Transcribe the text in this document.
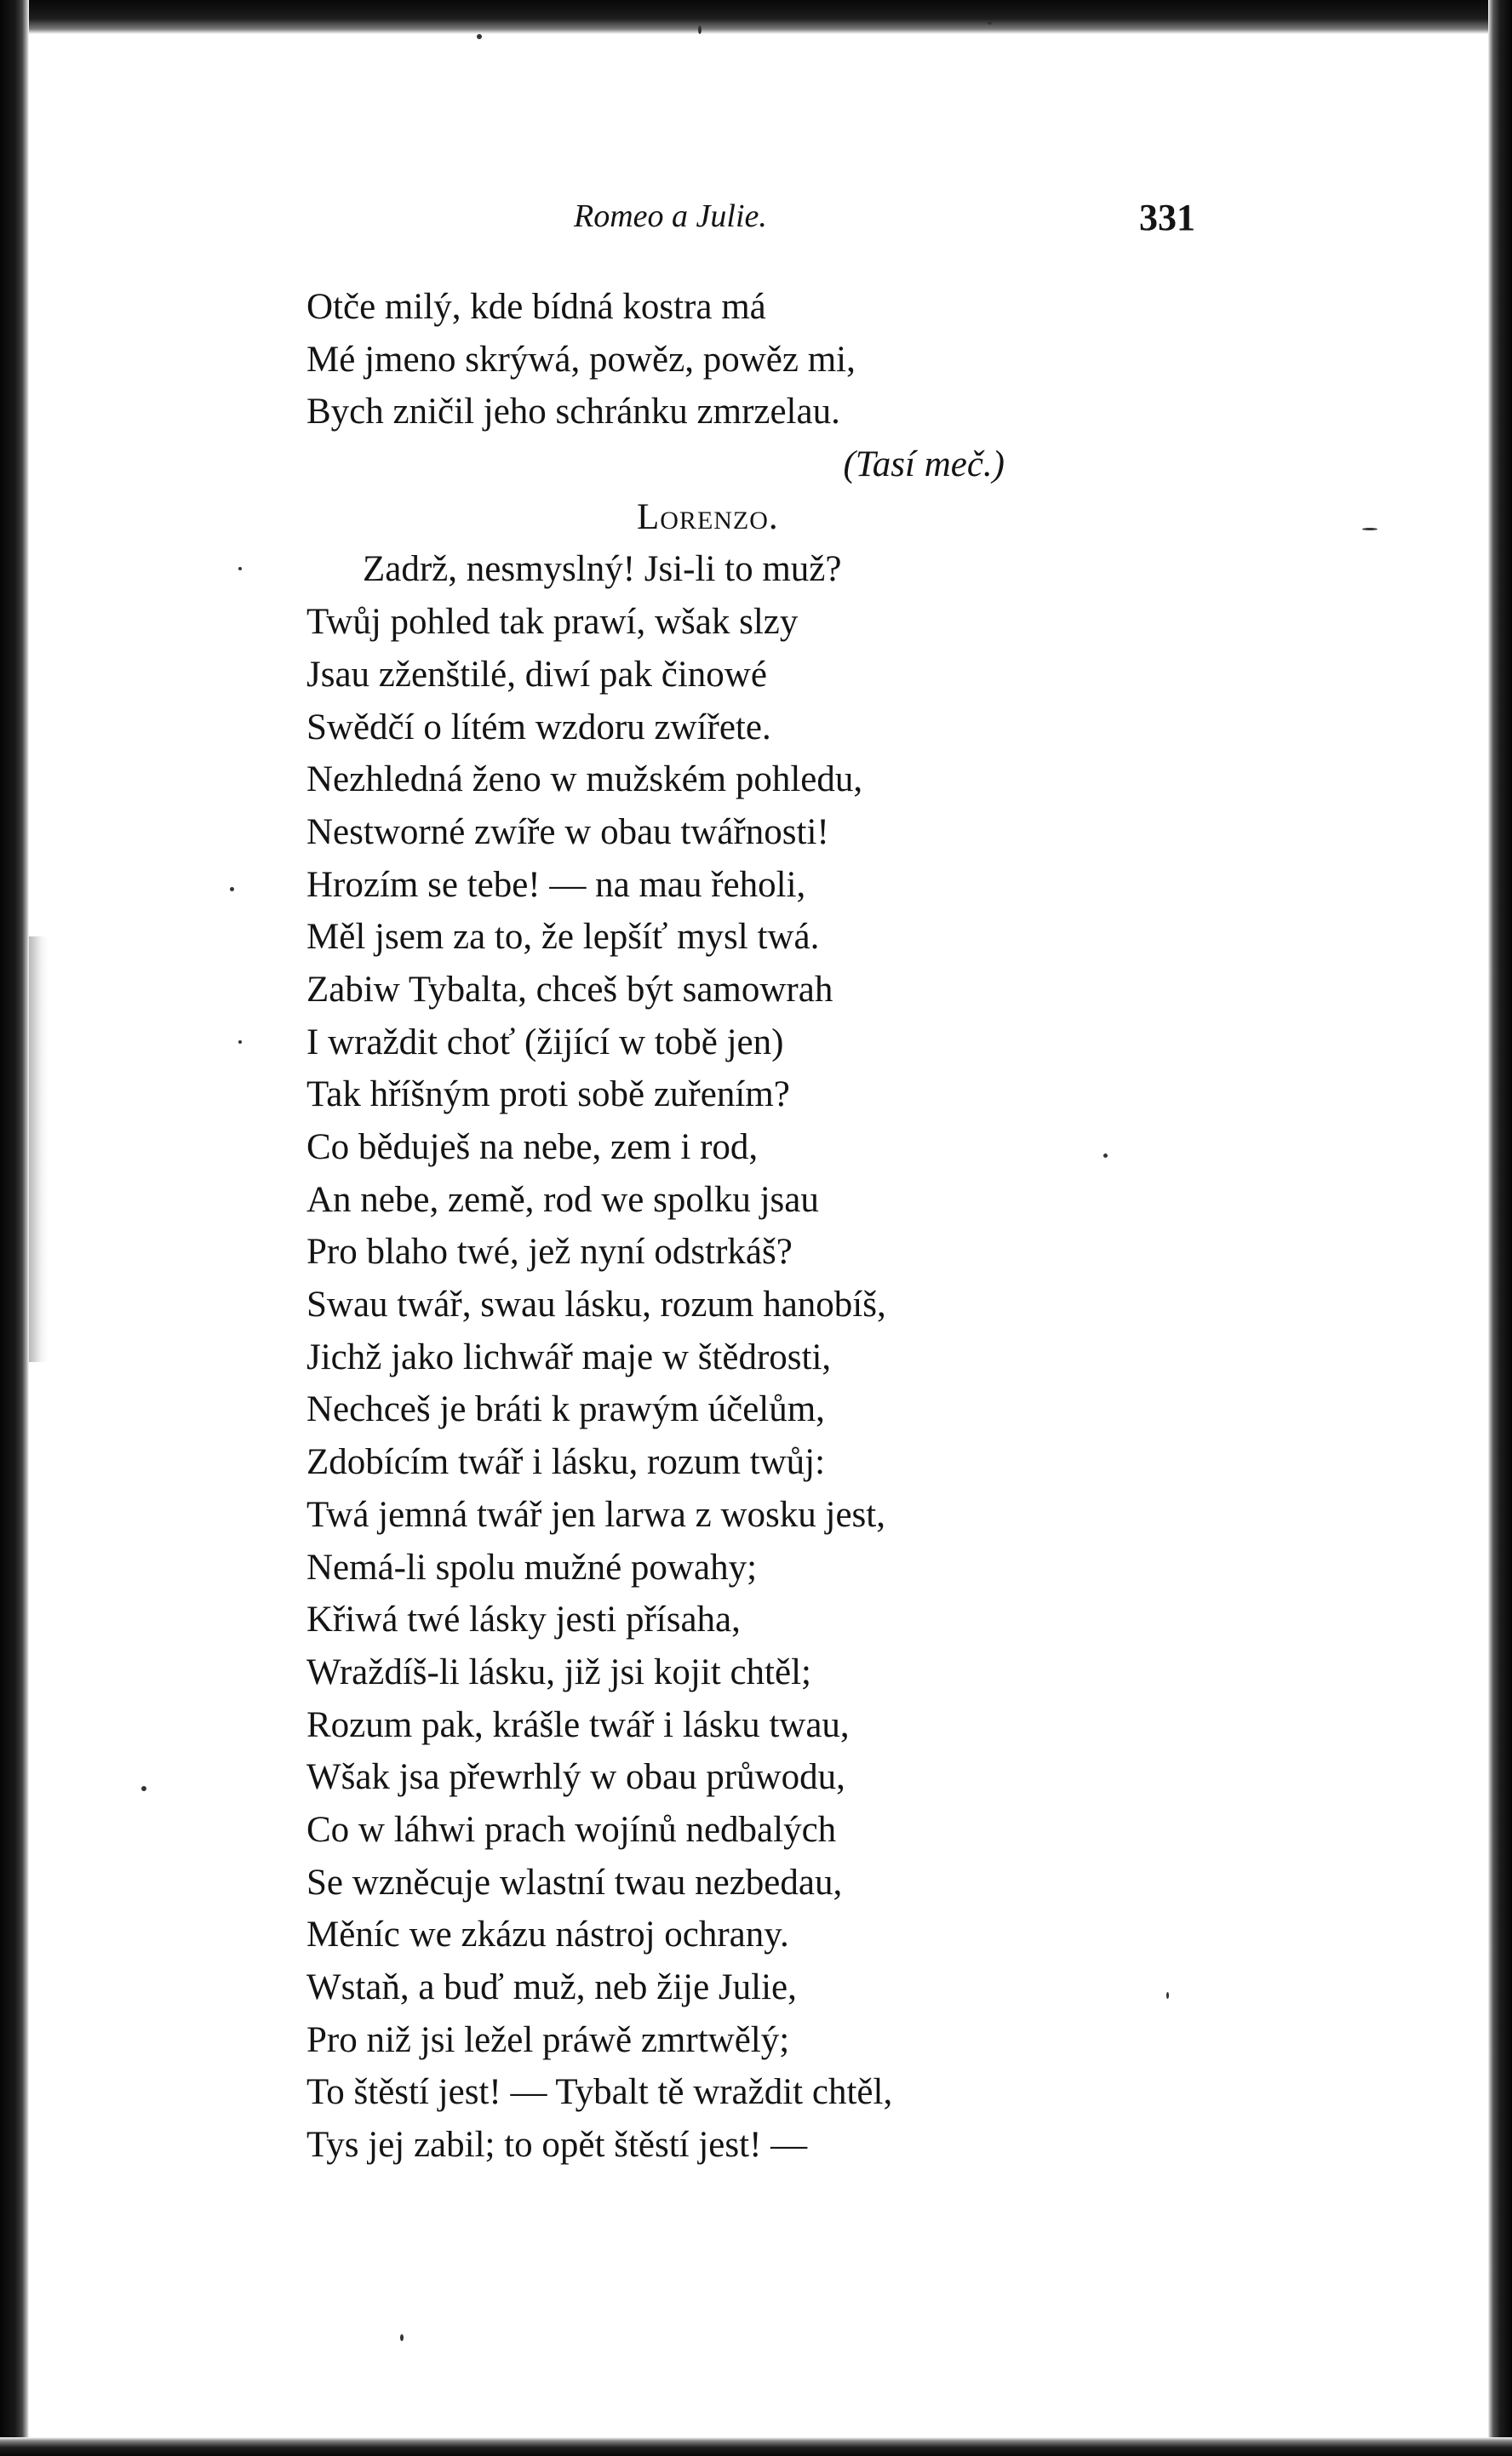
Romeo a Julie.	331
Otče milý, kde bídná kostra má
Mé jmeno skrýwá, powěz, powěz mi,
Bych zničil jeho schránku zmrzelau.
(Tasí meč.)
Lorenzo.
Zadrž, nesmyslný! Jsi-li to muž?
Twůj pohled tak prawí, wšak slzy
Jsau zženštilé, diwí pak činowé
Swědčí o lítém wzdoru zwířete.
Nezhledná ženo w mužském pohledu,
Nestworné zwíře w obau twářnosti!
Hrozím se tebe! — na mau řeholi,
Měl jsem za to, že lepšíť mysl twá.
Zabiw Tybalta, chceš být samowrah
I wraždit choť (žijící w tobě jen)
Tak hříšným proti sobě zuřením?
Co běduješ na nebe, zem i rod,
An nebe, země, rod we spolku jsau
Pro blaho twé, jež nyní odstrkáš?
Swau twář, swau lásku, rozum hanobíš,
Jichž jako lichwář maje w štědrosti,
Nechceš je bráti k prawým účelům,
Zdobícím twář i lásku, rozum twůj:
Twá jemná twář jen larwa z wosku jest,
Nemá-li spolu mužné powahy;
Křiwá twé lásky jesti přísaha,
Wraždíš-li lásku, již jsi kojit chtěl;
Rozum pak, krášle twář i lásku twau,
Wšak jsa přewrhlý w obau průwodu,
Co w láhwi prach wojínů nedbalých
Se wzněcuje wlastní twau nezbedau,
Měníc we zkázu nástroj ochrany.
Wstaň, a buď muž, neb žije Julie,
Pro niž jsi ležel práwě zmrtwělý;
To štěstí jest! — Tybalt tě wraždit chtěl,
Tys jej zabil; to opět štěstí jest! —
